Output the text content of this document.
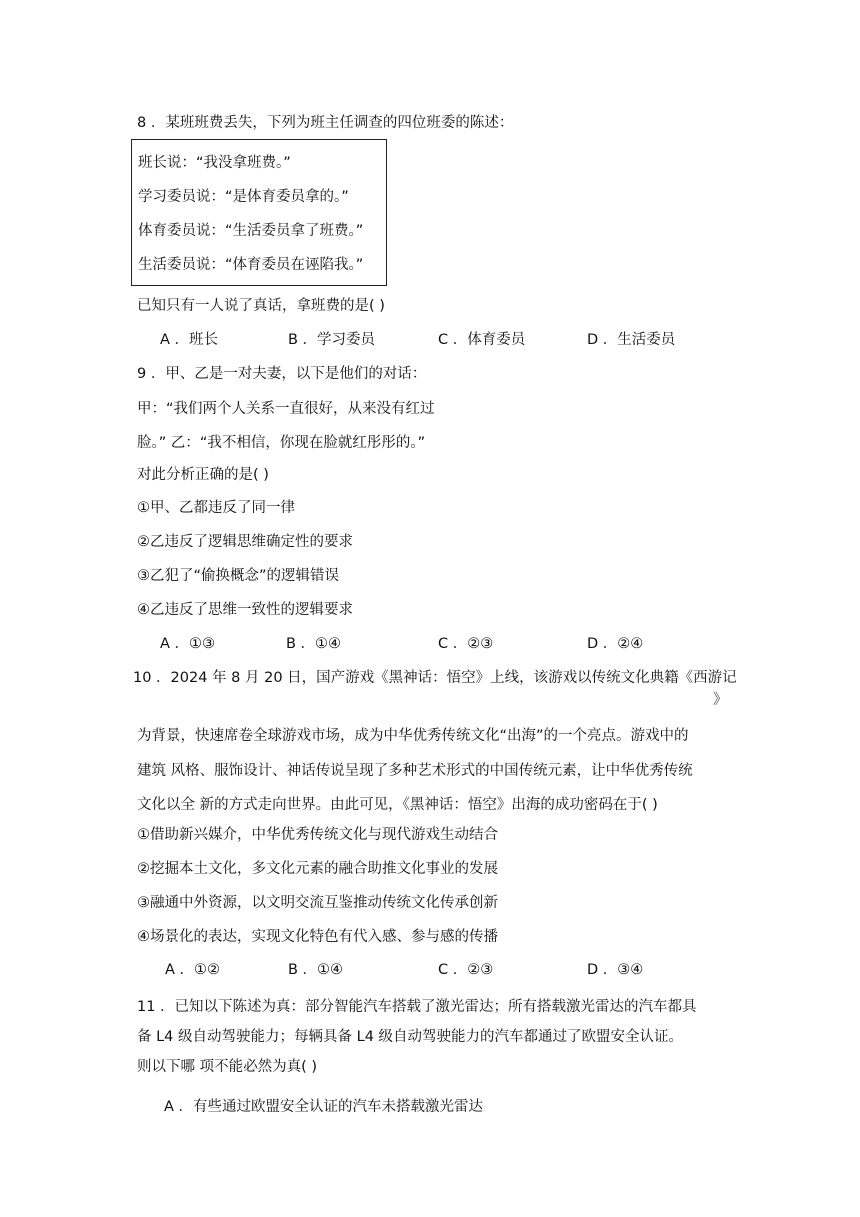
8 ．某班班费丢失，下列为班主任调查的四位班委的陈述：
班长说：“我没拿班费。”
学习委员说：“是体育委员拿的。”
体育委员说：“生活委员拿了班费。”
生活委员说：“体育委员在诬陷我。”
已知只有一人说了真话，拿班费的是( )
A ．班长	B ．学习委员	C ．体育委员	D ．生活委员
9 ．甲、乙是一对夫妻，以下是他们的对话：
甲：“我们两个人关系一直很好，从来没有红过
脸。” 乙：“我不相信，你现在脸就红彤彤的。”
对此分析正确的是( )
①甲、乙都违反了同一律
②乙违反了逻辑思维确定性的要求
③乙犯了“偷换概念”的逻辑错误
④乙违反了思维一致性的逻辑要求
A ．①③	B ．①④	C ．②③	D ．②④
10 ．2024 年 8 月 20 日，国产游戏《黑神话：悟空》上线，该游戏以传统文化典籍《西游记
》
为背景，快速席卷全球游戏市场，成为中华优秀传统文化“出海”的一个亮点。游戏中的
建筑 风格、服饰设计、神话传说呈现了多种艺术形式的中国传统元素，让中华优秀传统
文化以全 新的方式走向世界。由此可见，《黑神话：悟空》出海的成功密码在于( )
①借助新兴媒介，中华优秀传统文化与现代游戏生动结合
②挖掘本土文化，多文化元素的融合助推文化事业的发展
③融通中外资源，以文明交流互鉴推动传统文化传承创新
④场景化的表达，实现文化特色有代入感、参与感的传播
A ．①②	B ．①④	C ．②③	D ．③④
11 ．已知以下陈述为真：部分智能汽车搭载了激光雷达；所有搭载激光雷达的汽车都具
备 L4 级自动驾驶能力；每辆具备 L4 级自动驾驶能力的汽车都通过了欧盟安全认证。
则以下哪 项不能必然为真( )
A ．有些通过欧盟安全认证的汽车未搭载激光雷达
